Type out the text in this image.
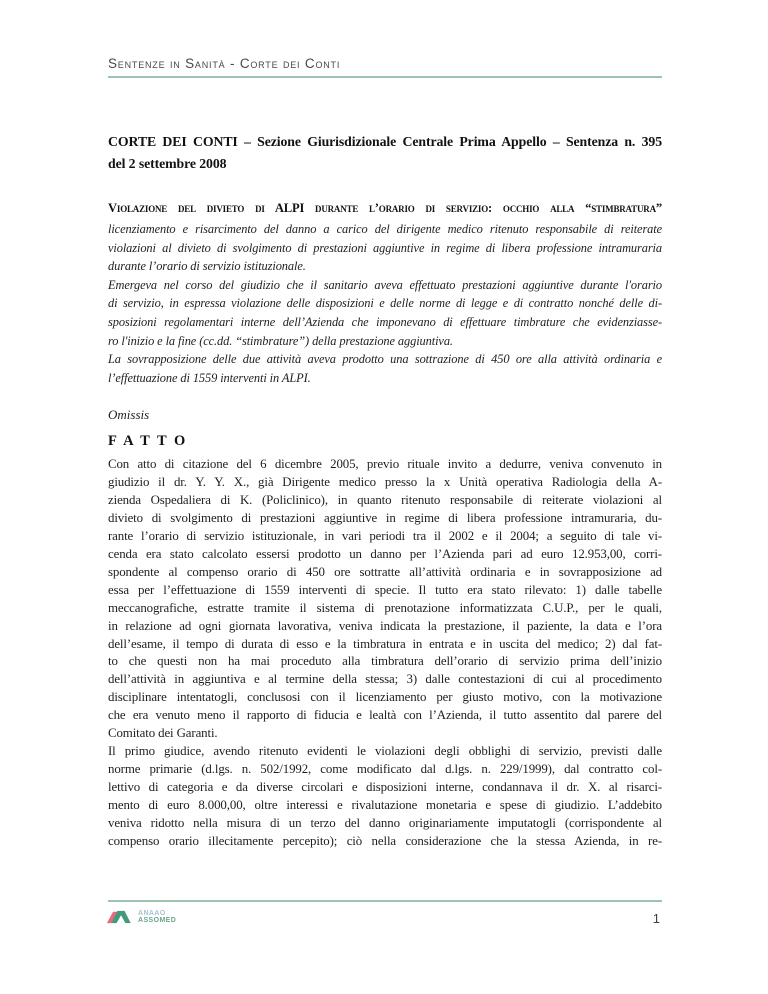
Sentenze in Sanità - Corte dei Conti
CORTE DEI CONTI – Sezione Giurisdizionale Centrale Prima Appello – Sentenza n. 395
del 2 settembre 2008
Violazione del divieto di ALPI durante l’orario di servizio: occhio alla “stimbratura”
licenziamento e risarcimento del danno a carico del dirigente medico ritenuto responsabile di reiterate
violazioni al divieto di svolgimento di prestazioni aggiuntive in regime di libera professione intramuraria
durante l’orario di servizio istituzionale.
Emergeva nel corso del giudizio che il sanitario aveva effettuato prestazioni aggiuntive durante l'orario
di servizio, in espressa violazione delle disposizioni e delle norme di legge e di contratto nonché delle di-
sposizioni regolamentari interne dell’Azienda che imponevano di effettuare timbrature che evidenziasse-
ro l'inizio e la fine (cc.dd. “stimbrature”) della prestazione aggiuntiva.
La sovrapposizione delle due attività aveva prodotto una sottrazione di 450 ore alla attività ordinaria e
l’effettuazione di 1559 interventi in ALPI.
Omissis
F A T T O
Con atto di citazione del 6 dicembre 2005, previo rituale invito a dedurre, veniva convenuto in
giudizio il dr. Y. Y. X., già Dirigente medico presso la x Unità operativa Radiologia della A-
zienda Ospedaliera di K. (Policlinico), in quanto ritenuto responsabile di reiterate violazioni al
divieto di svolgimento di prestazioni aggiuntive in regime di libera professione intramuraria, du-
rante l’orario di servizio istituzionale, in vari periodi tra il 2002 e il 2004; a seguito di tale vi-
cenda era stato calcolato essersi prodotto un danno per l’Azienda pari ad euro 12.953,00, corri-
spondente al compenso orario di 450 ore sottratte all’attività ordinaria e in sovrapposizione ad
essa per l’effettuazione di 1559 interventi di specie. Il tutto era stato rilevato: 1) dalle tabelle
meccanografiche, estratte tramite il sistema di prenotazione informatizzata C.U.P., per le quali,
in relazione ad ogni giornata lavorativa, veniva indicata la prestazione, il paziente, la data e l’ora
dell’esame, il tempo di durata di esso e la timbratura in entrata e in uscita del medico; 2) dal fat-
to che questi non ha mai proceduto alla timbratura dell’orario di servizio prima dell’inizio
dell’attività in aggiuntiva e al termine della stessa; 3) dalle contestazioni di cui al procedimento
disciplinare intentatogli, conclusosi con il licenziamento per giusto motivo, con la motivazione
che era venuto meno il rapporto di fiducia e lealtà con l’Azienda, il tutto assentito dal parere del
Comitato dei Garanti.
Il primo giudice, avendo ritenuto evidenti le violazioni degli obblighi di servizio, previsti dalle
norme primarie (d.lgs. n. 502/1992, come modificato dal d.lgs. n. 229/1999), dal contratto col-
lettivo di categoria e da diverse circolari e disposizioni interne, condannava il dr. X. al risarci-
mento di euro 8.000,00, oltre interessi e rivalutazione monetaria e spese di giudizio. L’addebito
veniva ridotto nella misura di un terzo del danno originariamente imputatogli (corrispondente al
compenso orario illecitamente percepito); ciò nella considerazione che la stessa Azienda, in re-
ANAAO
ASSOMED	1
